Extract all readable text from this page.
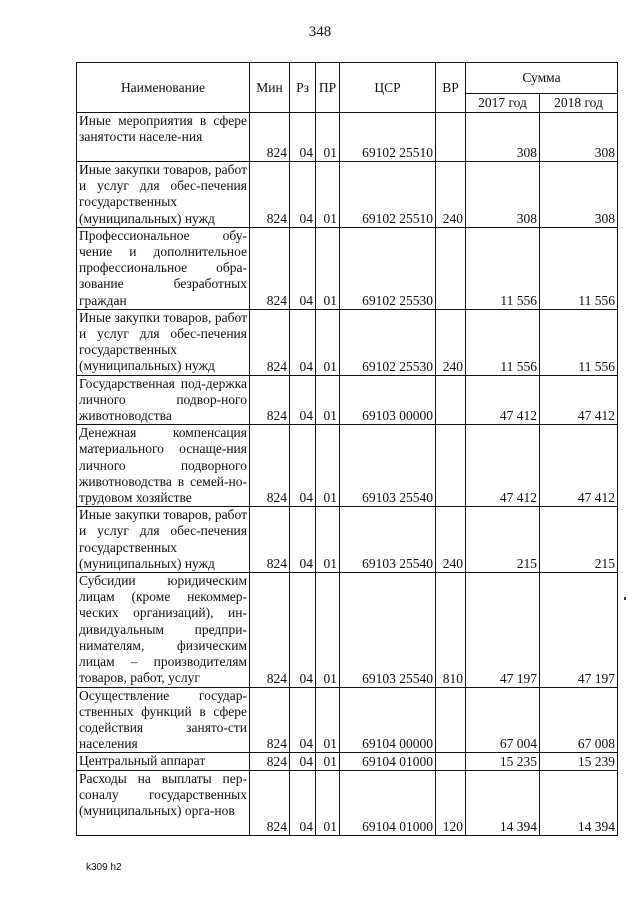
348
Наименование	Мин	Рз	ПР	ЦСР	ВР	Сумма	
						2017 год	2018 год
Иные мероприятия в сфере занятости населе-ния	824	04	01	69102 25510		308	308
Иные закупки товаров, работ и услуг для обес-печения государственных (муниципальных) нужд	824	04	01	69102 25510	240	308	308
Профессиональное обу-чение и дополнительное профессиональное обра-зование безработных граждан	824	04	01	69102 25530		11 556	11 556
Иные закупки товаров, работ и услуг для обес-печения государственных (муниципальных) нужд	824	04	01	69102 25530	240	11 556	11 556
Государственная под-держка личного подвор-ного животноводства	824	04	01	69103 00000		47 412	47 412
Денежная компенсация материального оснаще-ния личного подворного животноводства в семей-но-трудовом хозяйстве	824	04	01	69103 25540		47 412	47 412
Иные закупки товаров, работ и услуг для обес-печения государственных (муниципальных) нужд	824	04	01	69103 25540	240	215	215
Субсидии юридическим лицам (кроме некоммер-ческих организаций), ин-дивидуальным предпри-нимателям, физическим лицам – производителям товаров, работ, услуг	824	04	01	69103 25540	810	47 197	47 197
Осуществление государ-ственных функций в сфере содействия занято-сти населения	824	04	01	69104 00000		67 004	67 008
Центральный аппарат	824	04	01	69104 01000		15 235	15 239
Расходы на выплаты пер-соналу государственных (муниципальных) орга-нов	824	04	01	69104 01000	120	14 394	14 394
k309 h2
